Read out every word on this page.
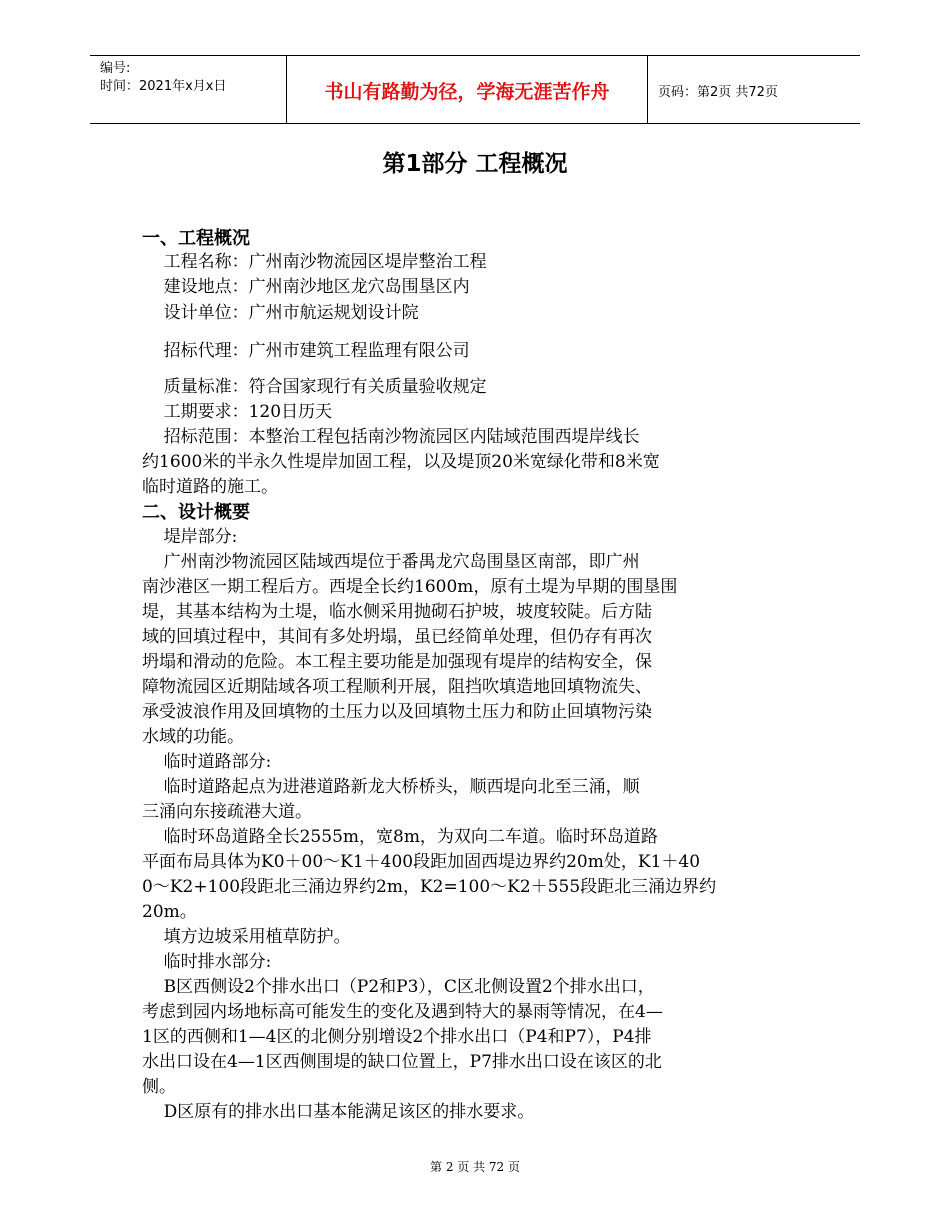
编号:
时间：2021年x月x日	书山有路勤为径，学海无涯苦作舟	页码：第2页 共72页
第1部分 工程概况
一、工程概况
工程名称：广州南沙物流园区堤岸整治工程
建设地点：广州南沙地区龙穴岛围垦区内
设计单位：广州市航运规划设计院
招标代理：广州市建筑工程监理有限公司
质量标准：符合国家现行有关质量验收规定
工期要求：120日历天
招标范围：本整治工程包括南沙物流园区内陆域范围西堤岸线长
约1600米的半永久性堤岸加固工程，以及堤顶20米宽绿化带和8米宽
临时道路的施工。
二、设计概要
堤岸部分:
广州南沙物流园区陆域西堤位于番禺龙穴岛围垦区南部，即广州
南沙港区一期工程后方。西堤全长约1600m，原有土堤为早期的围垦围
堤，其基本结构为土堤，临水侧采用抛砌石护坡，坡度较陡。后方陆
域的回填过程中，其间有多处坍塌，虽已经简单处理，但仍存有再次
坍塌和滑动的危险。本工程主要功能是加强现有堤岸的结构安全，保
障物流园区近期陆域各项工程顺利开展，阻挡吹填造地回填物流失、
承受波浪作用及回填物的土压力以及回填物土压力和防止回填物污染
水域的功能。
临时道路部分:
临时道路起点为进港道路新龙大桥桥头，顺西堤向北至三涌，顺
三涌向东接疏港大道。
临时环岛道路全长2555m，宽8m，为双向二车道。临时环岛道路
平面布局具体为K0＋00～K1＋400段距加固西堤边界约20m处，K1＋40
0～K2+100段距北三涌边界约2m，K2=100～K2＋555段距北三涌边界约
20m。
填方边坡采用植草防护。
临时排水部分:
B区西侧设2个排水出口（P2和P3），C区北侧设置2个排水出口，
考虑到园内场地标高可能发生的变化及遇到特大的暴雨等情况，在4—
1区的西侧和1—4区的北侧分别增设2个排水出口（P4和P7），P4排
水出口设在4—1区西侧围堤的缺口位置上，P7排水出口设在该区的北
侧。
D区原有的排水出口基本能满足该区的排水要求。
第 2 页 共 72 页
